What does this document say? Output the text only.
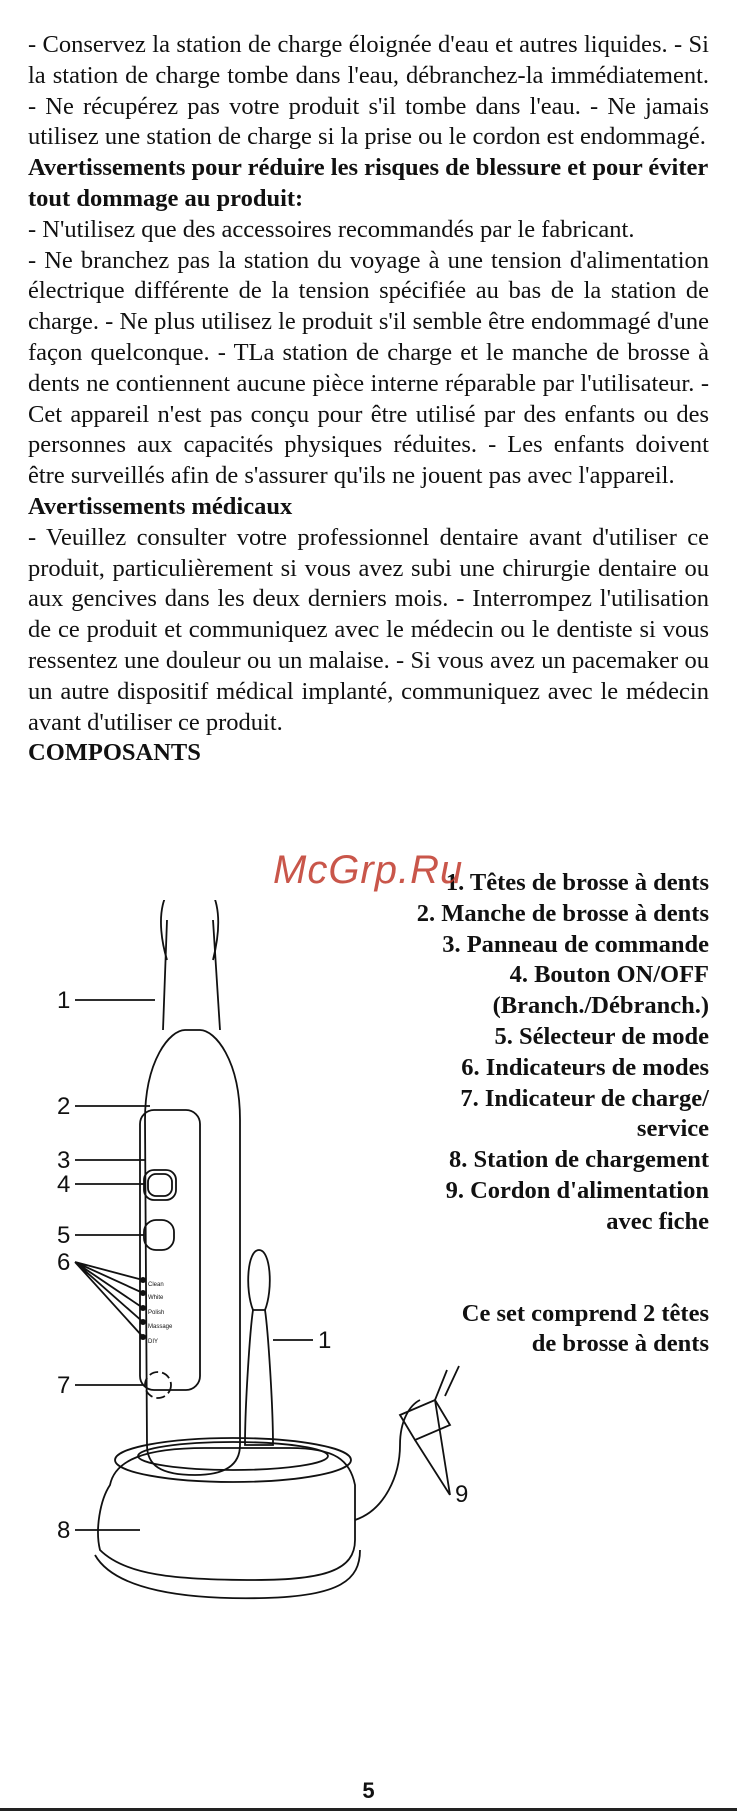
- Conservez la station de charge éloignée d'eau et autres liquides. - Si la station de charge tombe dans l'eau, débranchez-la immédiatement. - Ne récupérez pas votre produit s'il tombe dans l'eau. - Ne jamais utilisez une station de charge si la prise ou le cordon est endommagé.

Avertissements pour réduire les risques de blessure et pour éviter tout dommage au produit:

- N'utilisez que des accessoires recommandés par le fabricant.

- Ne branchez pas la station du voyage à une tension d'alimentation électrique différente de la tension spécifiée au bas de la station de charge. - Ne plus utilisez le produit s'il semble être endommagé d'une façon quelconque. - TLa station de charge et le manche de brosse à dents ne contiennent aucune pièce interne réparable par l'utilisateur. - Cet appareil n'est pas conçu pour être utilisé par des enfants ou des personnes aux capacités physiques réduites. - Les enfants doivent être surveillés afin de s'assurer qu'ils ne jouent pas avec l'appareil.

Avertissements médicaux

- Veuillez consulter votre professionnel dentaire avant d'utiliser ce produit, particulièrement si vous avez subi une chirurgie dentaire ou aux gencives dans les deux derniers mois. - Interrompez l'utilisation de ce produit et communiquez avec le médecin ou le dentiste si vous ressentez une douleur ou un malaise. - Si vous avez un pacemaker ou un autre dispositif médical implanté, communiquez avec le médecin avant d'utiliser ce produit.

COMPOSANTS
1. Têtes de brosse à dents
2. Manche de brosse à dents
3. Panneau de commande
4. Bouton ON/OFF
(Branch./Débranch.)
5. Sélecteur de mode
6. Indicateurs de modes
7. Indicateur de charge/
service
8. Station de chargement
9. Cordon d'alimentation
avec fiche
Ce set comprend 2 têtes
de brosse à dents
Clean
White
Polish
Massage
DIY
1
2
3
4
5
6
7
8
1
9
McGrp.Ru
5
